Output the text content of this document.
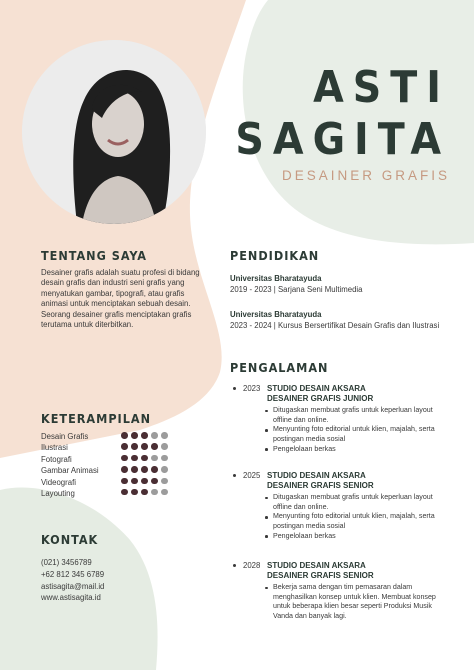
ASTI
SAGITA
DESAINER GRAFIS
TENTANG SAYA
Desainer grafis adalah suatu profesi di bidang desain grafis dan industri seni grafis yang menyatukan gambar, tipografi, atau grafis animasi untuk menciptakan sebuah desain. Seorang desainer grafis menciptakan grafis terutama untuk diterbitkan.
PENDIDIKAN
Universitas Bharatayuda
2019 - 2023 | Sarjana Seni Multimedia
Universitas Bharatayuda
2023 - 2024 | Kursus Bersertifikat Desain Grafis dan Ilustrasi
KETERAMPILAN
Desain Grafis
Ilustrasi
Fotografi
Gambar Animasi
Videografi
Layouting
KONTAK
(021) 3456789
+62 812 345 6789
astisagita@mail.id
www.astisagita.id
PENGALAMAN
2023 STUDIO DESAIN AKSARA
DESAINER GRAFIS JUNIOR
Ditugaskan membuat grafis untuk keperluan layout offline dan online.
Menyunting foto editorial untuk klien, majalah, serta postingan media sosial
Pengelolaan berkas
2025 STUDIO DESAIN AKSARA
DESAINER GRAFIS SENIOR
Ditugaskan membuat grafis untuk keperluan layout offline dan online.
Menyunting foto editorial untuk klien, majalah, serta postingan media sosial
Pengelolaan berkas
2028 STUDIO DESAIN AKSARA
DESAINER GRAFIS SENIOR
Bekerja sama dengan tim pemasaran dalam menghasilkan konsep untuk klien. Membuat konsep untuk beberapa klien besar seperti Produksi Musik Vanda dan banyak lagi.
